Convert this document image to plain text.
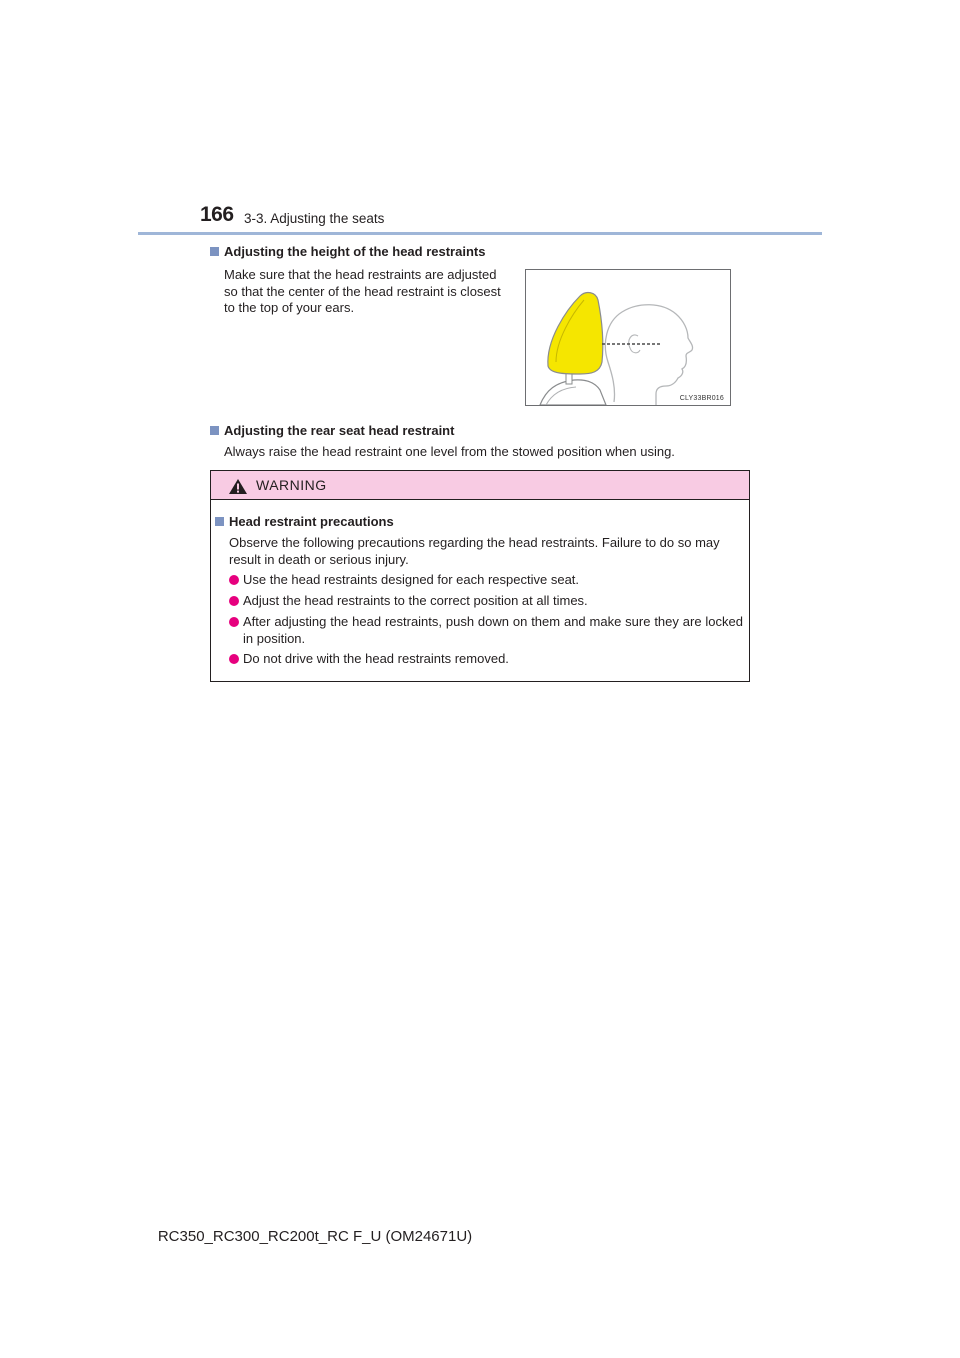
166 3-3. Adjusting the seats
Adjusting the height of the head restraints
Make sure that the head restraints are adjusted
so that the center of the head restraint is closest
to the top of your ears.
CLY33BR016
Adjusting the rear seat head restraint
Always raise the head restraint one level from the stowed position when using.
WARNING
Head restraint precautions
Observe the following precautions regarding the head restraints. Failure to do so may
result in death or serious injury.
Use the head restraints designed for each respective seat.
Adjust the head restraints to the correct position at all times.
After adjusting the head restraints, push down on them and make sure they are locked in position.
Do not drive with the head restraints removed.
RC350_RC300_RC200t_RC F_U (OM24671U)
